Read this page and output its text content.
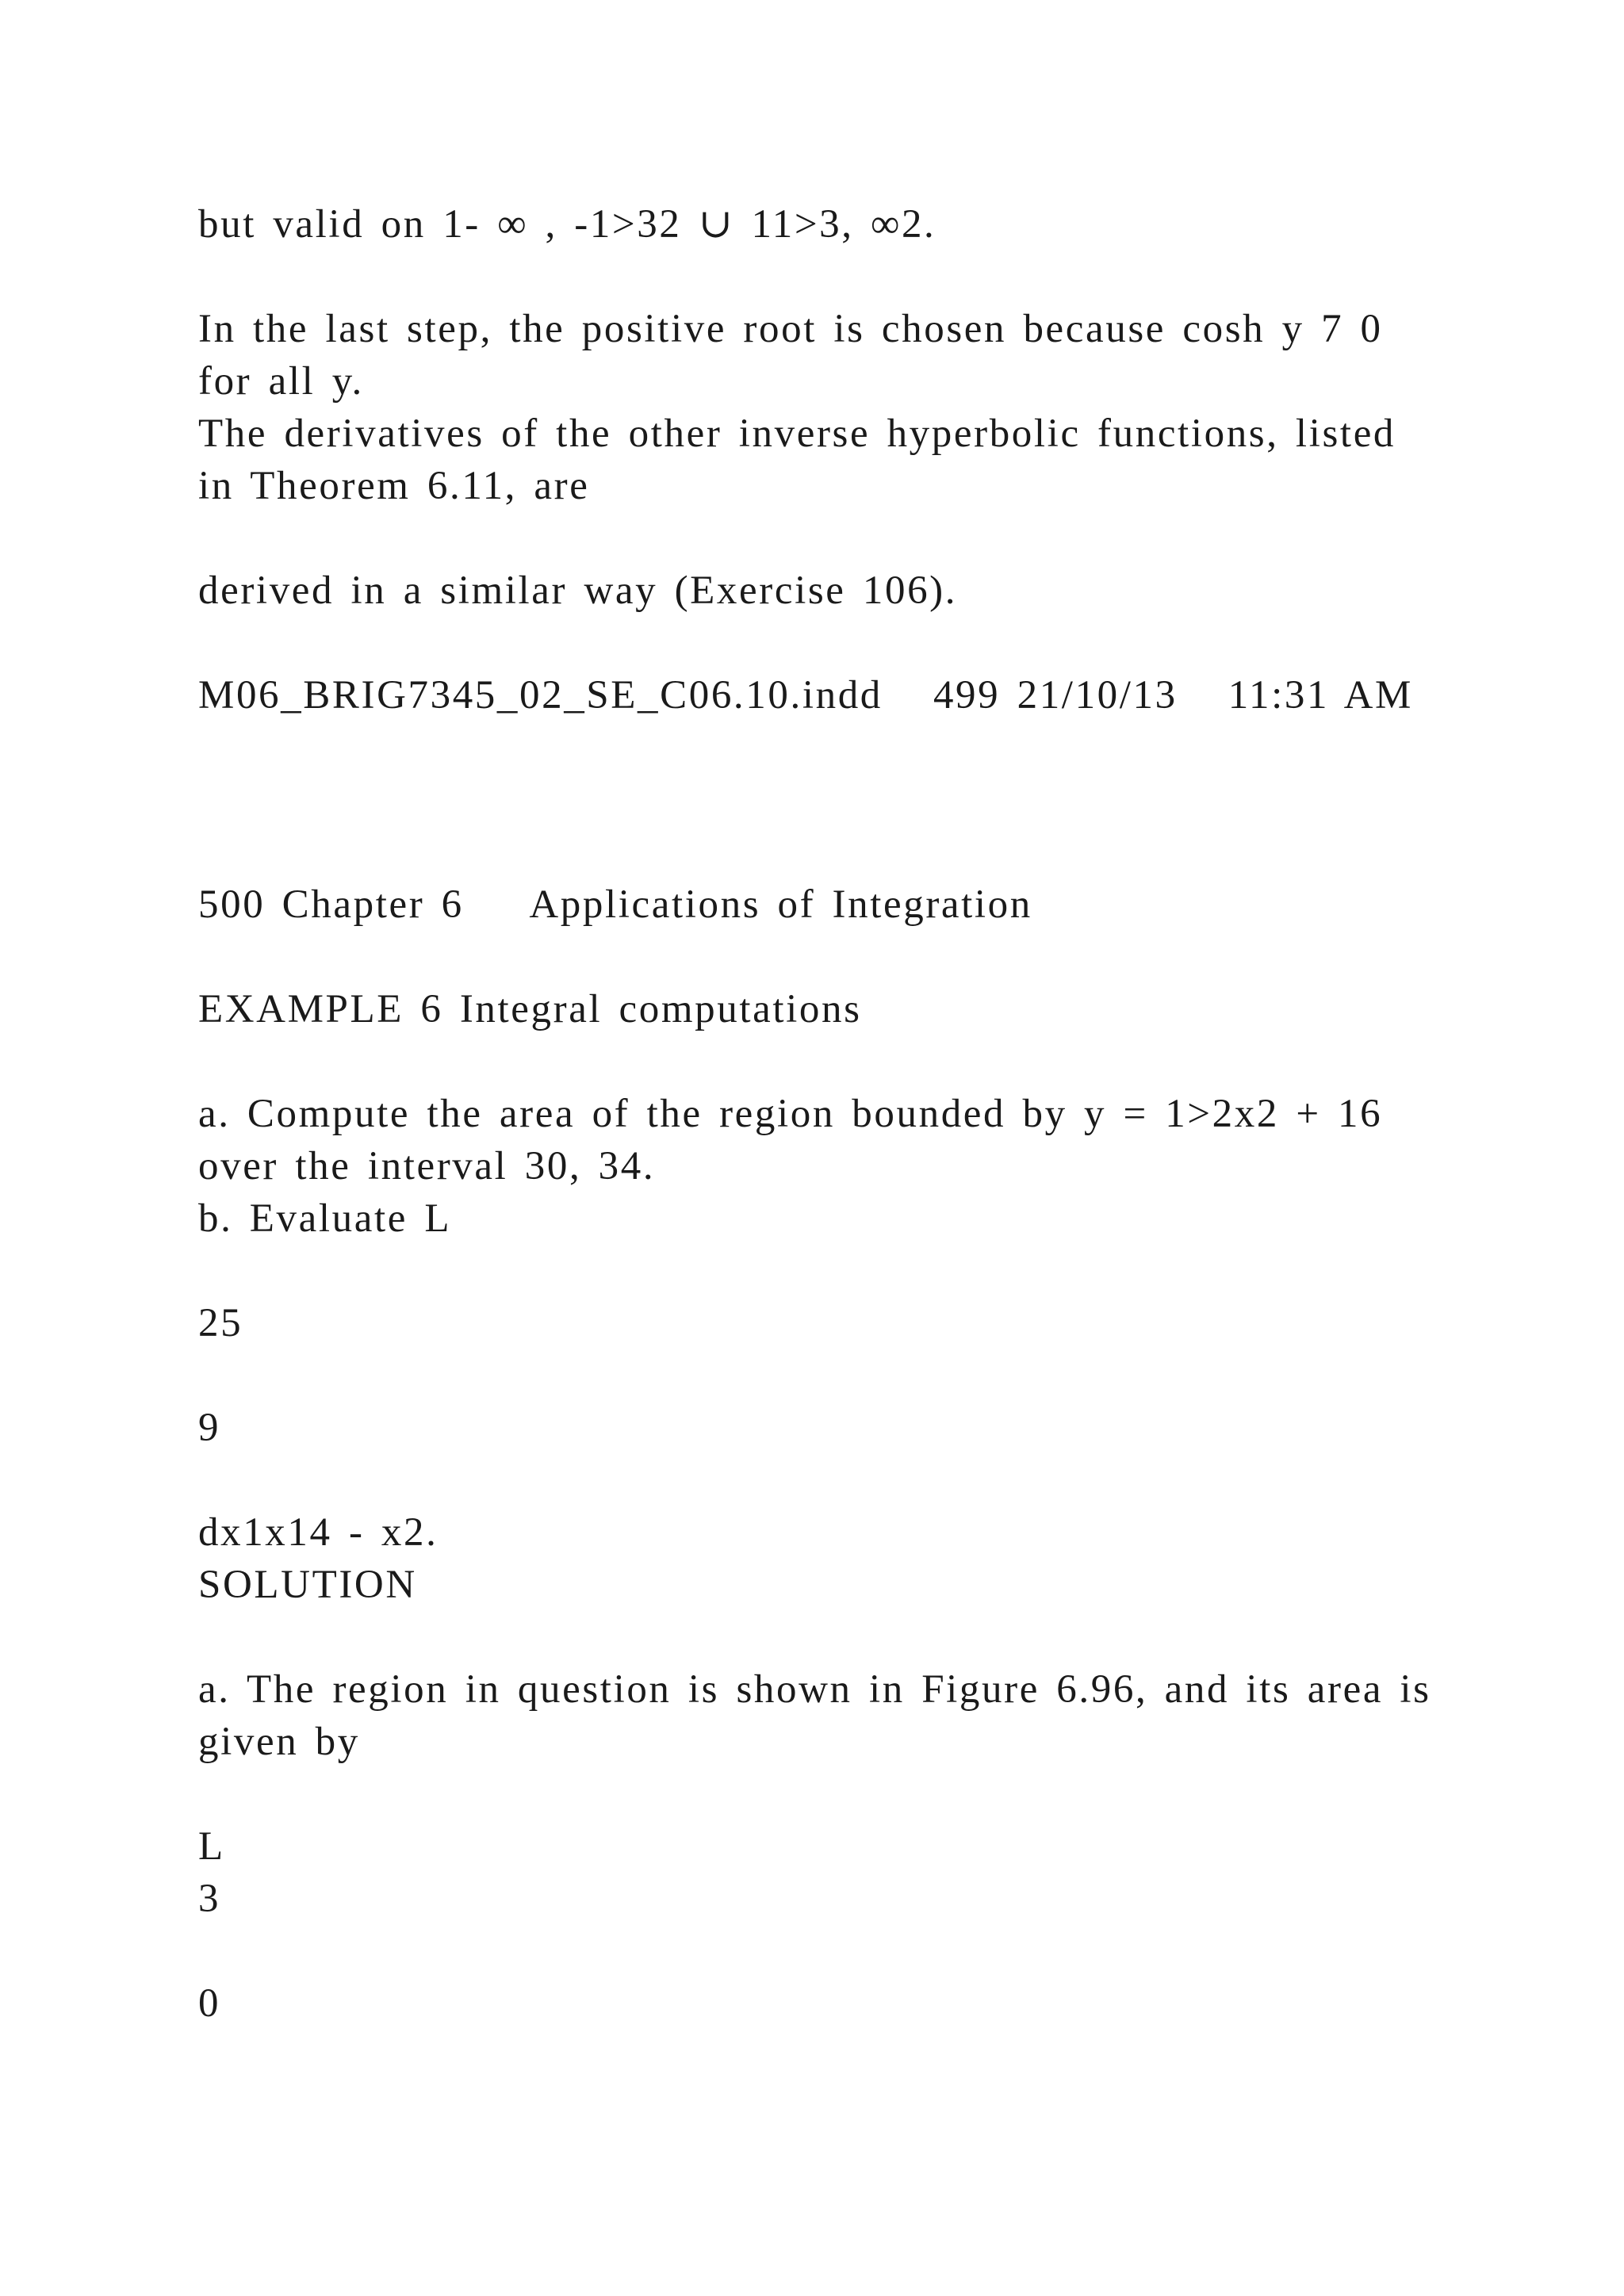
but valid on 1- ∞ , -1>32 ∪ 11>3, ∞2.

In the last step, the positive root is chosen because cosh y 7 0

for all y.

The derivatives of the other inverse hyperbolic functions, listed

in Theorem 6.11, are

derived in a similar way (Exercise 106).

M06_BRIG7345_02_SE_C06.10.indd   499 21/10/13   11:31 AM

500 Chapter 6    Applications of Integration

EXAMPLE 6 Integral computations

a. Compute the area of the region bounded by y = 1>2x2 + 16

over the interval 30, 34.

b. Evaluate L

25

9

dx1x14 - x2.

SOLUTION

a. The region in question is shown in Figure 6.96, and its area is

given by

L

3

0
